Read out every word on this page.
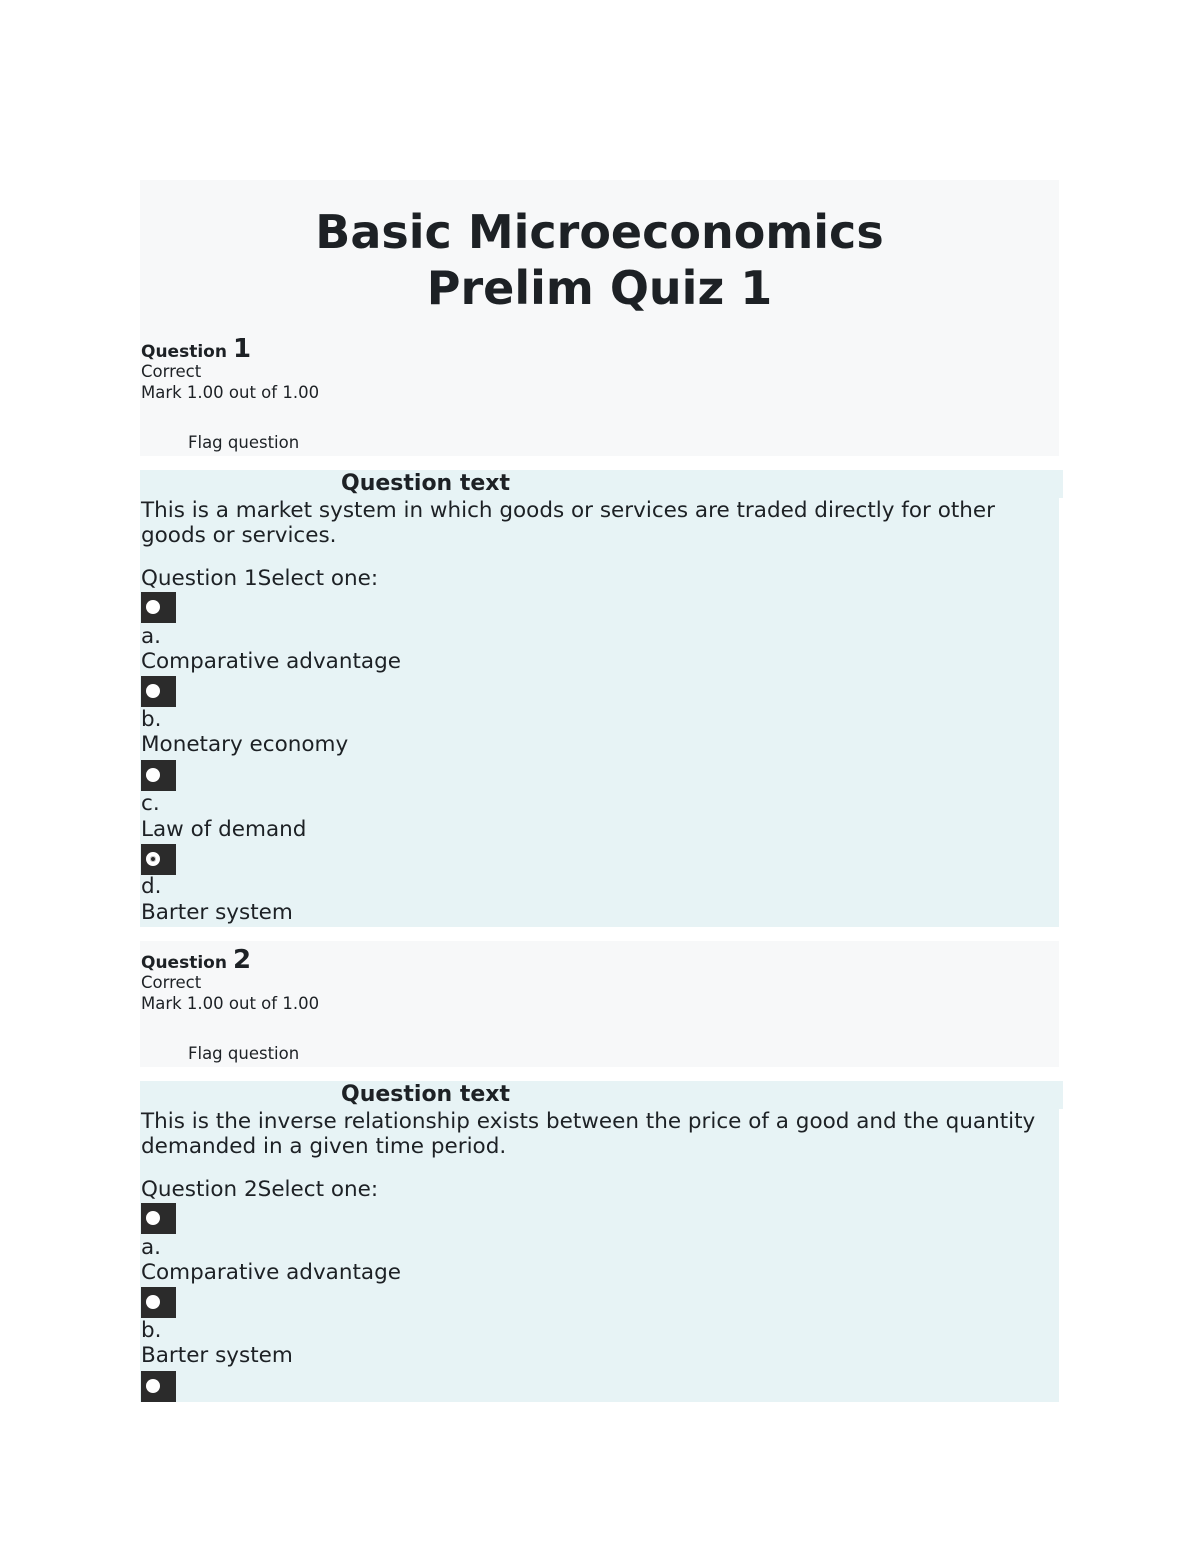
Basic Microeconomics
Prelim Quiz 1
Question 1
Correct
Mark 1.00 out of 1.00
Flag question
Question text
This is a market system in which goods or services are traded directly for other goods or services.
Question 1Select one:
a.
Comparative advantage
b.
Monetary economy
c.
Law of demand
d.
Barter system
Question 2
Correct
Mark 1.00 out of 1.00
Flag question
Question text
This is the inverse relationship exists between the price of a good and the quantity demanded in a given time period.
Question 2Select one:
a.
Comparative advantage
b.
Barter system
